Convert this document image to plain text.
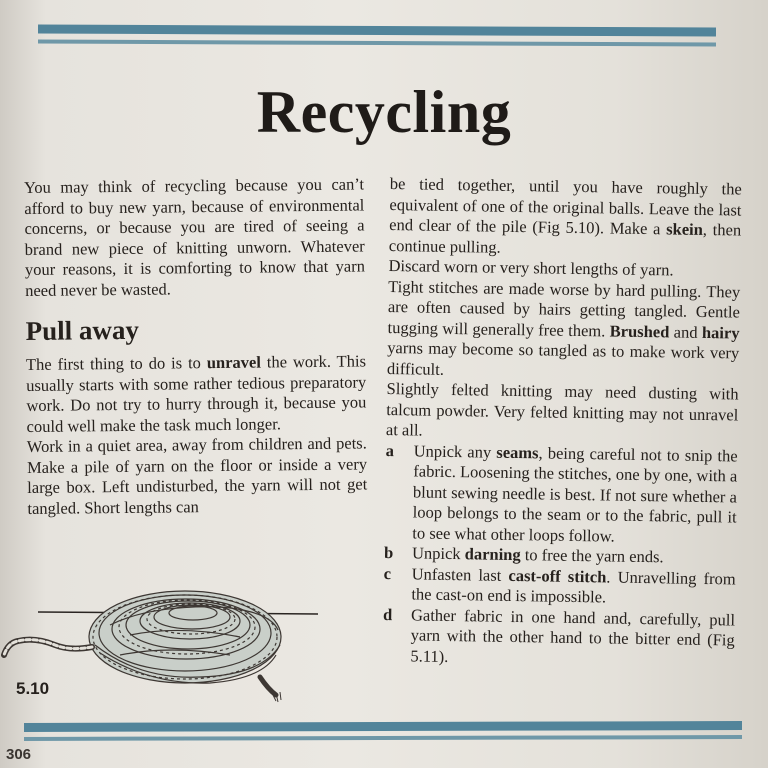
Recycling

You may think of recycling because you can’t afford to buy new yarn, because of environmental concerns, or because you are tired of seeing a brand new piece of knitting unworn. Whatever your reasons, it is comforting to know that yarn need never be wasted.

Pull away

The first thing to do is to unravel the work. This usually starts with some rather tedious preparatory work. Do not try to hurry through it, because you could well make the task much longer.

Work in a quiet area, away from children and pets. Make a pile of yarn on the floor or inside a very large box. Left undisturbed, the yarn will not get tangled. Short lengths can

be tied together, until you have roughly the equivalent of one of the original balls. Leave the last end clear of the pile (Fig 5.10). Make a skein, then continue pulling.

Discard worn or very short lengths of yarn.

Tight stitches are made worse by hard pulling. They are often caused by hairs getting tangled. Gentle tugging will generally free them. Brushed and hairy yarns may become so tangled as to make work very difficult.

Slightly felted knitting may need dusting with talcum powder. Very felted knitting may not unravel at all.

a Unpick any seams, being careful not to snip the fabric. Loosening the stitches, one by one, with a blunt sewing needle is best. If not sure whether a loop belongs to the seam or to the fabric, pull it to see what other loops follow.

b Unpick darning to free the yarn ends.

c Unfasten last cast-off stitch. Unravelling from the cast-on end is impossible.

d Gather fabric in one hand and, carefully, pull yarn with the other hand to the bitter end (Fig 5.11).

5.10
306
